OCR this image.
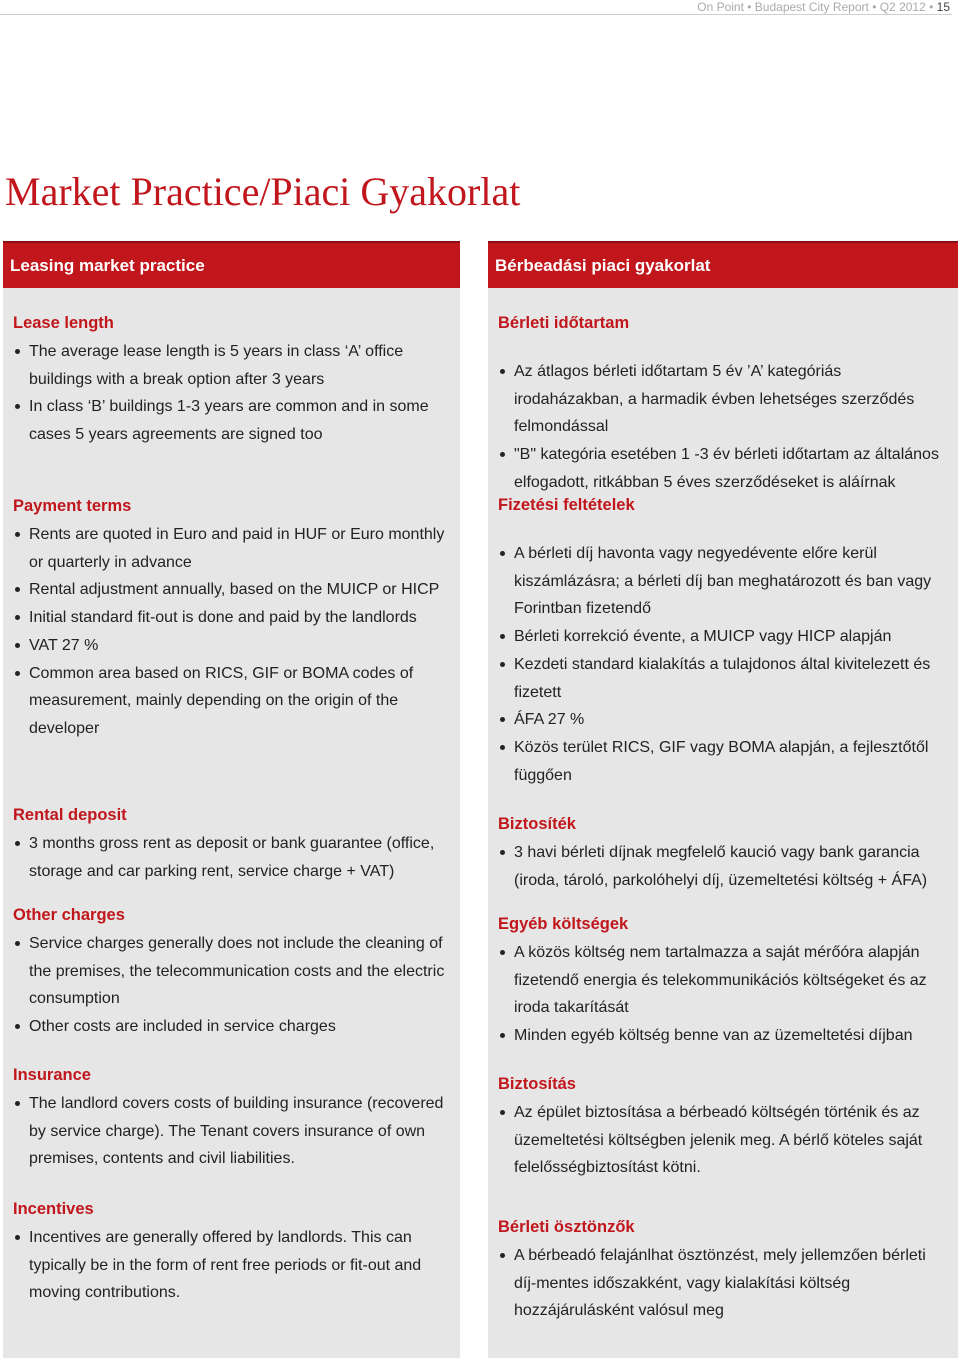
On Point • Budapest City Report • Q2 2012 • 15
Market Practice/Piaci Gyakorlat
Leasing market practice
Lease length
The average lease length is 5 years in class ‘A’ office buildings with a break option after 3 years
In class ‘B’ buildings 1-3 years are common and in some cases 5 years agreements are signed too
Payment terms
Rents are quoted in Euro and paid in HUF or Euro monthly or quarterly in advance
Rental adjustment annually, based on the MUICP or HICP
Initial standard fit-out is done and paid by the landlords
VAT 27 %
Common area based on RICS, GIF or BOMA codes of measurement, mainly depending on the origin of the developer
Rental deposit
3 months gross rent as deposit or bank guarantee (office, storage and car parking rent, service charge + VAT)
Other charges
Service charges generally does not include the cleaning of the premises, the telecommunication costs and the electric consumption
Other costs are included in service charges
Insurance
The landlord covers costs of building insurance (recovered by service charge). The Tenant covers insurance of own premises, contents and civil liabilities.
Incentives
Incentives are generally offered by landlords. This can typically be in the form of rent free periods or fit-out and moving contributions.
Bérbeadási piaci gyakorlat
Bérleti időtartam
Az átlagos bérleti időtartam 5 év ’A’ kategóriás irodaházakban, a harmadik évben lehetséges szerződés felmondással
"B" kategória esetében 1 -3 év bérleti időtartam az általános elfogadott, ritkábban 5 éves szerződéseket is aláírnak
Fizetési feltételek
A bérleti díj havonta vagy negyedévente előre kerül kiszámlázásra; a bérleti díj ban meghatározott és ban vagy Forintban fizetendő
Bérleti korrekció évente, a MUICP vagy HICP alapján
Kezdeti standard kialakítás a tulajdonos által kivitelezett és fizetett
ÁFA 27 %
Közös terület RICS, GIF vagy BOMA alapján, a fejlesztőtől függően
Biztosíték
3 havi bérleti díjnak megfelelő kaució vagy bank garancia (iroda, tároló, parkolóhelyi díj, üzemeltetési költség + ÁFA)
Egyéb költségek
A közös költség nem tartalmazza a saját mérőóra alapján fizetendő energia és telekommunikációs költségeket és az iroda takarítását
Minden egyéb költség benne van az üzemeltetési díjban
Biztosítás
Az épület biztosítása a bérbeadó költségén történik és az üzemeltetési költségben jelenik meg. A bérlő köteles saját felelősségbiztosítást kötni.
Bérleti ösztönzők
A bérbeadó felajánlhat ösztönzést, mely jellemzően bérleti díj-mentes időszakként, vagy kialakítási költség hozzájárulásként valósul meg
